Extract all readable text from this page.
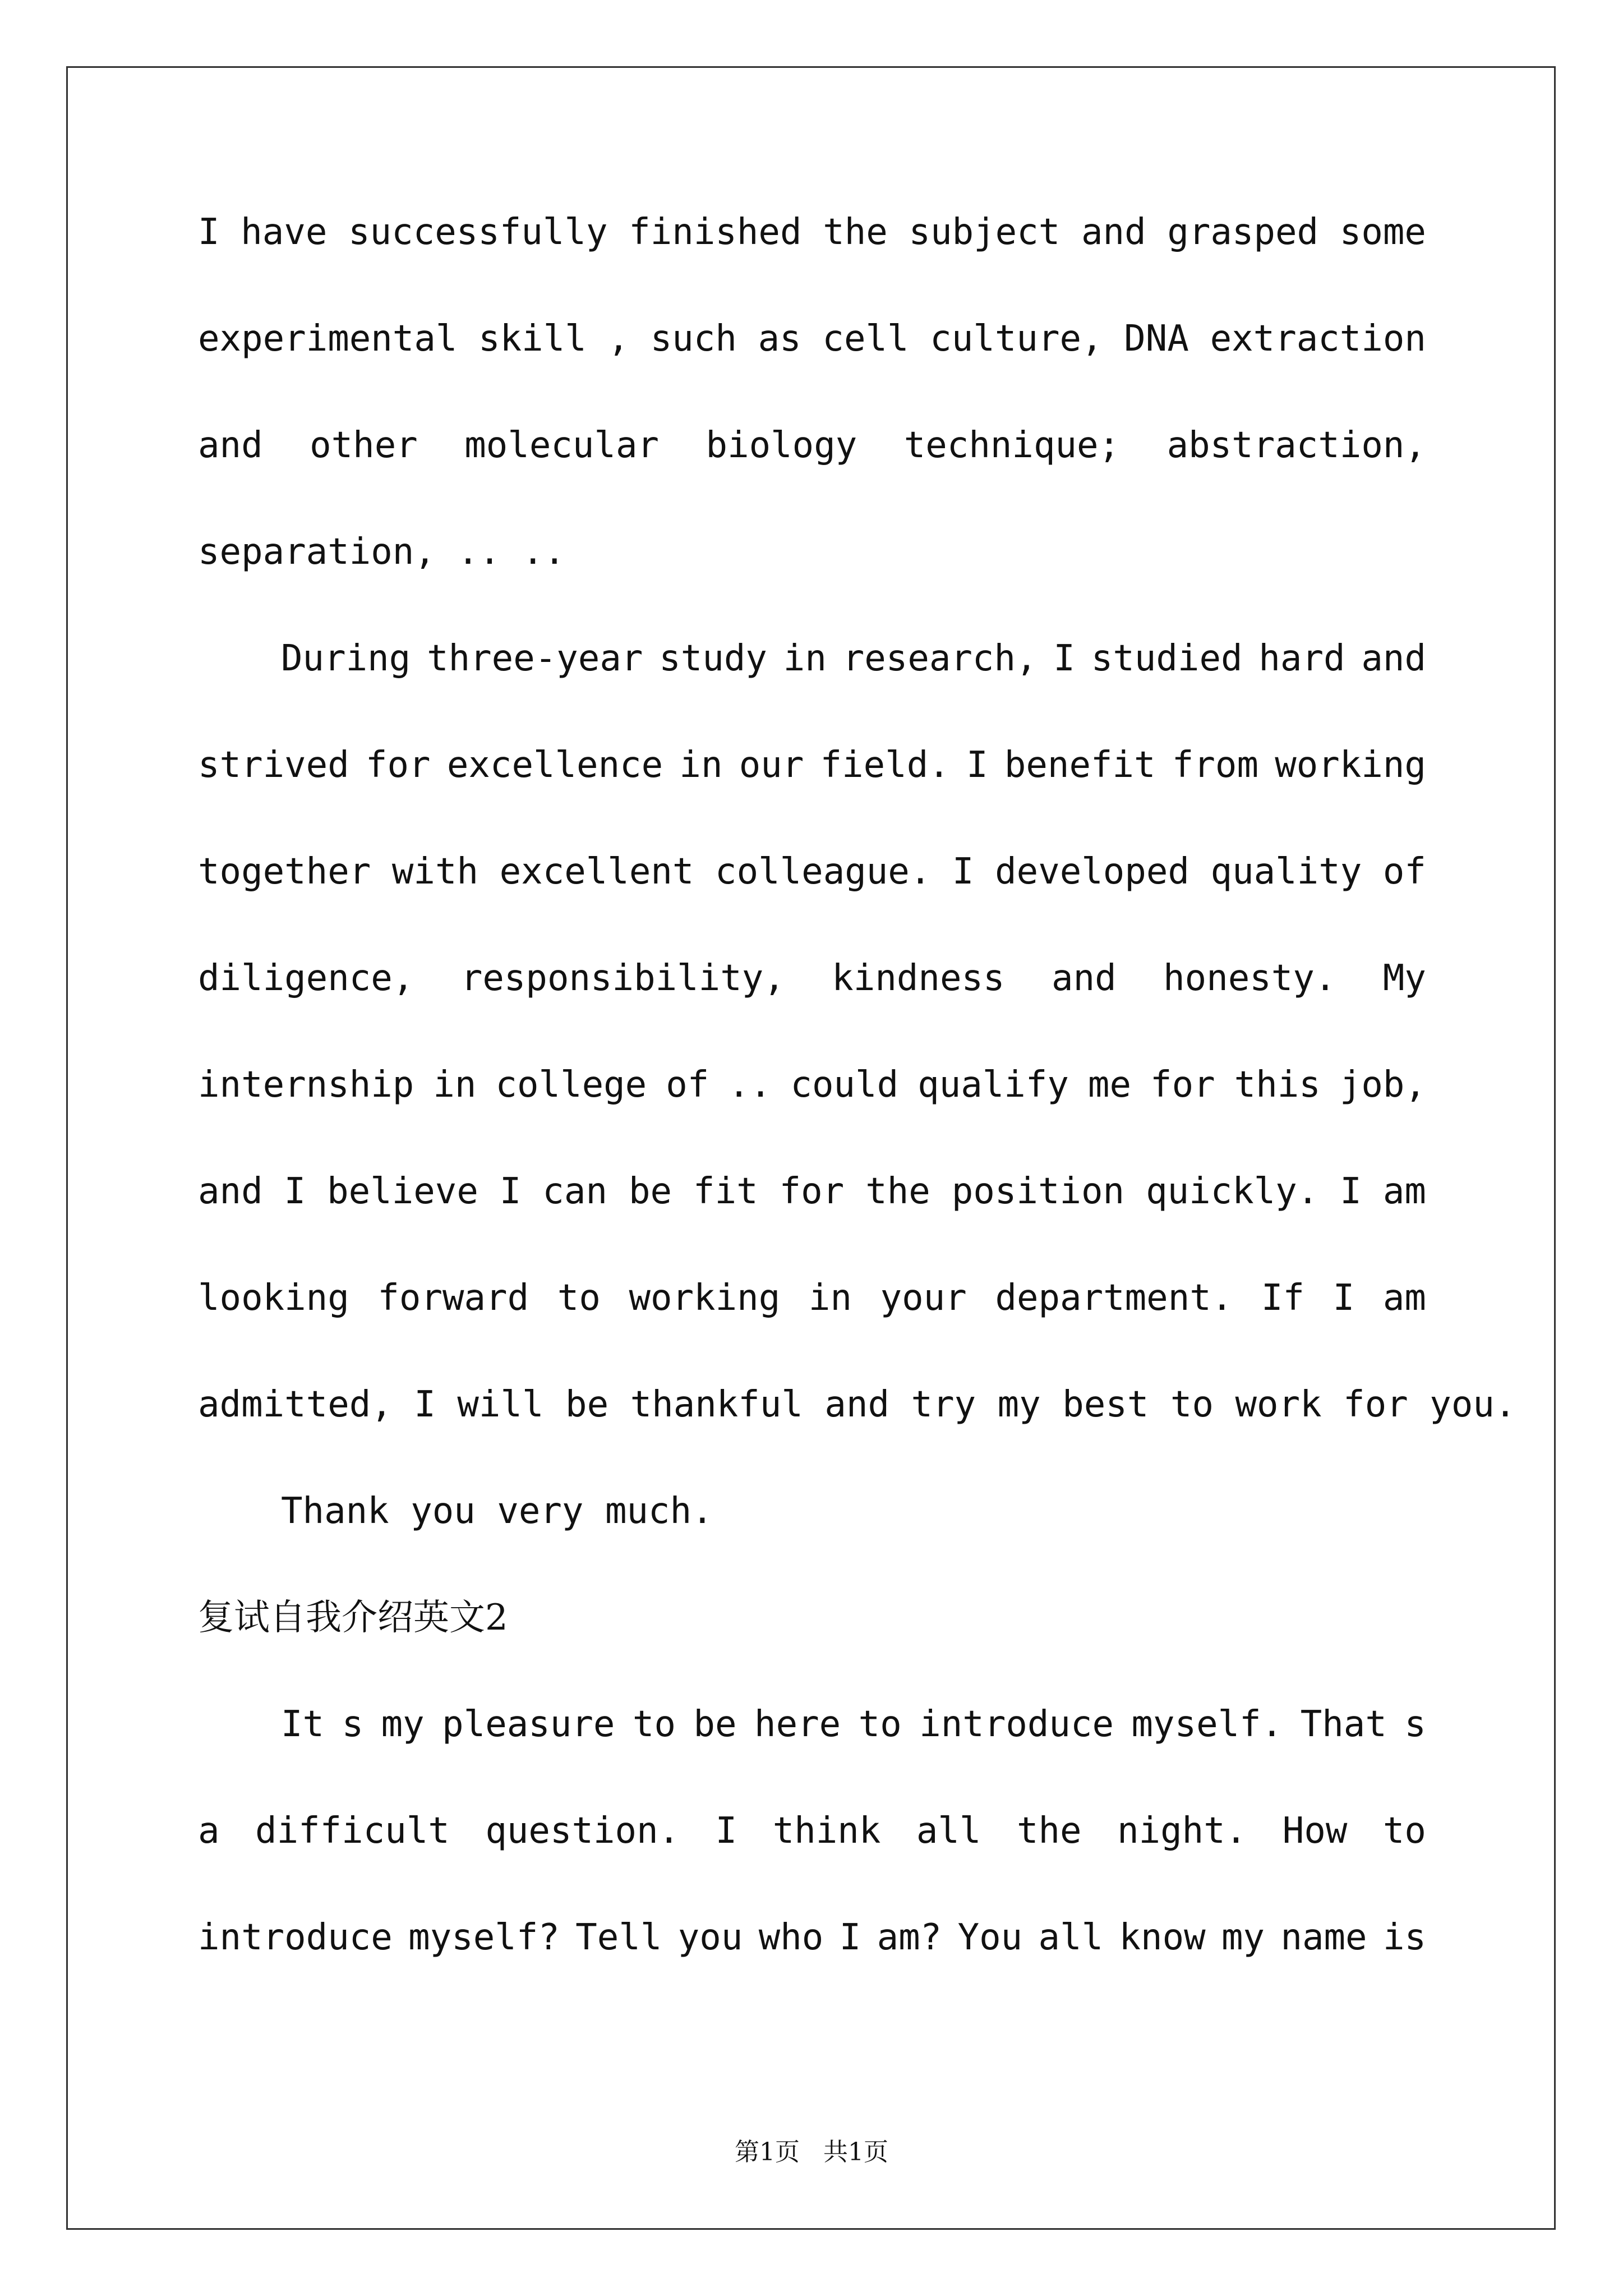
I have successfully finished the subject and grasped some
experimental skill , such as cell culture, DNA extraction
and other molecular biology technique; abstraction,
separation, .. ..
During three-year study in research, I studied hard and
strived for excellence in our field. I benefit from working
together with excellent colleague. I developed quality of
diligence, responsibility, kindness and honesty. My
internship in college of .. could qualify me for this job,
and I believe I can be fit for the position quickly. I am
looking forward to working in your department. If I am
admitted, I will be thankful and try my best to work for you.
Thank you very much.
复试自我介绍英文2
It s my pleasure to be here to introduce myself. That s
a difficult question. I think all the night. How to
introduce myself? Tell you who I am? You all know my name is
第1页   共1页
